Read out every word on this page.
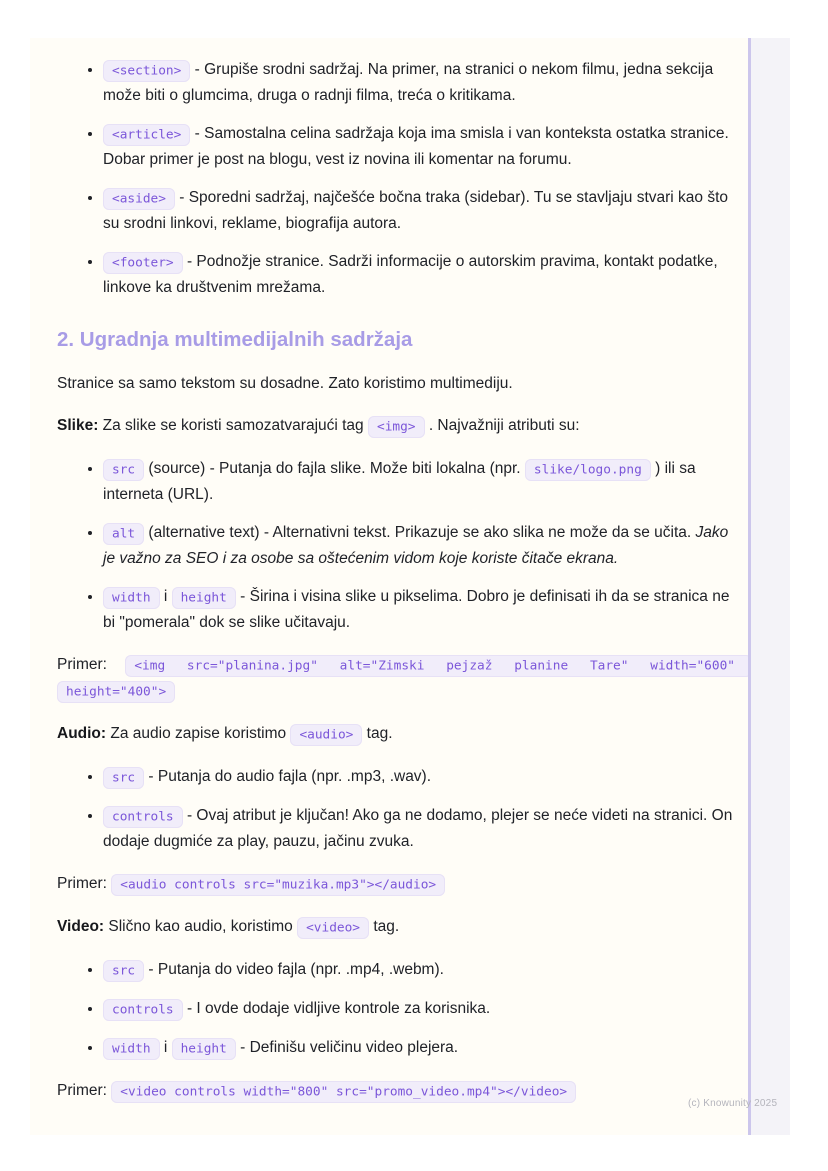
• <section> - Grupiše srodni sadržaj. Na primer, na stranici o nekom filmu, jedna sekcija može biti o glumcima, druga o radnji filma, treća o kritikama.
• <article> - Samostalna celina sadržaja koja ima smisla i van konteksta ostatka stranice. Dobar primer je post na blogu, vest iz novina ili komentar na forumu.
• <aside> - Sporedni sadržaj, najčešće bočna traka (sidebar). Tu se stavljaju stvari kao što su srodni linkovi, reklame, biografija autora.
• <footer> - Podnožje stranice. Sadrži informacije o autorskim pravima, kontakt podatke, linkove ka društvenim mrežama.
2. Ugradnja multimedijalnih sadržaja

Stranice sa samo tekstom su dosadne. Zato koristimo multimediju.

Slike: Za slike se koristi samozatvarajući tag <img> . Najvažniji atributi su:

• src (source) - Putanja do fajla slike. Može biti lokalna (npr. slike/logo.png ) ili sa interneta (URL).
• alt (alternative text) - Alternativni tekst. Prikazuje se ako slika ne može da se učita. Jako je važno za SEO i za osobe sa oštećenim vidom koje koriste čitače ekrana.
• width i height - Širina i visina slike u pikselima. Dobro je definisati ih da se stranica ne bi "pomerala" dok se slike učitavaju.

Primer: <img src="planina.jpg" alt="Zimski pejzaž planine Tare" width="600" height="400">

Audio: Za audio zapise koristimo <audio> tag.

• src - Putanja do audio fajla (npr. .mp3, .wav).
• controls - Ovaj atribut je ključan! Ako ga ne dodamo, plejer se neće videti na stranici. On dodaje dugmiće za play, pauzu, jačinu zvuka.

Primer: <audio controls src="muzika.mp3"></audio>

Video: Slično kao audio, koristimo <video> tag.

• src - Putanja do video fajla (npr. .mp4, .webm).
• controls - I ovde dodaje vidljive kontrole za korisnika.
• width i height - Definišu veličinu video plejera.

Primer: <video controls width="800" src="promo_video.mp4"></video>

(c) Knowunity 2025
